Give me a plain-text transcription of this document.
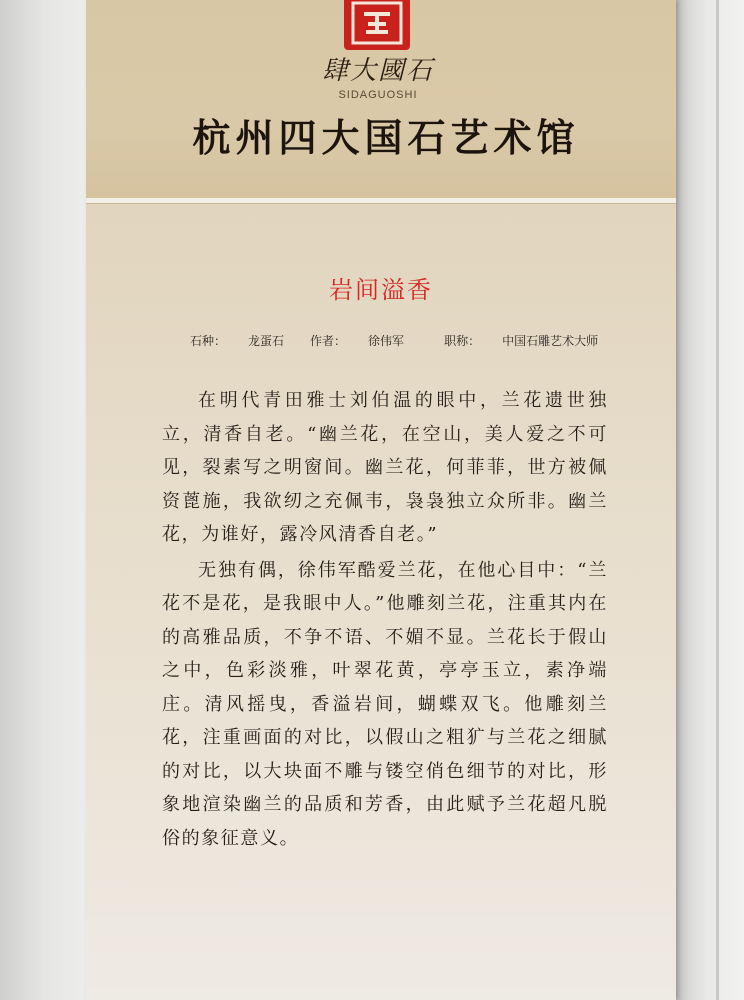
肆大國石
SIDAGUOSHI
杭州四大国石艺术馆
岩间溢香
石种： 龙蛋石 作者： 徐伟军	职称： 中国石雕艺术大师

在明代青田雅士刘伯温的眼中，兰花遗世独立，清香自老。“幽兰花，在空山，美人爱之不可见，裂素写之明窗间。幽兰花，何菲菲，世方被佩资蓖施，我欲纫之充佩韦，袅袅独立众所非。幽兰花，为谁好，露冷风清香自老。”

无独有偶，徐伟军酷爱兰花，在他心目中：“兰花不是花，是我眼中人。”他雕刻兰花，注重其内在的高雅品质，不争不语、不媚不显。兰花长于假山之中，色彩淡雅，叶翠花黄，亭亭玉立，素净端庄。清风摇曳，香溢岩间，蝴蝶双飞。他雕刻兰花，注重画面的对比，以假山之粗犷与兰花之细腻的对比，以大块面不雕与镂空俏色细节的对比，形象地渲染幽兰的品质和芳香，由此赋予兰花超凡脱俗的象征意义。
